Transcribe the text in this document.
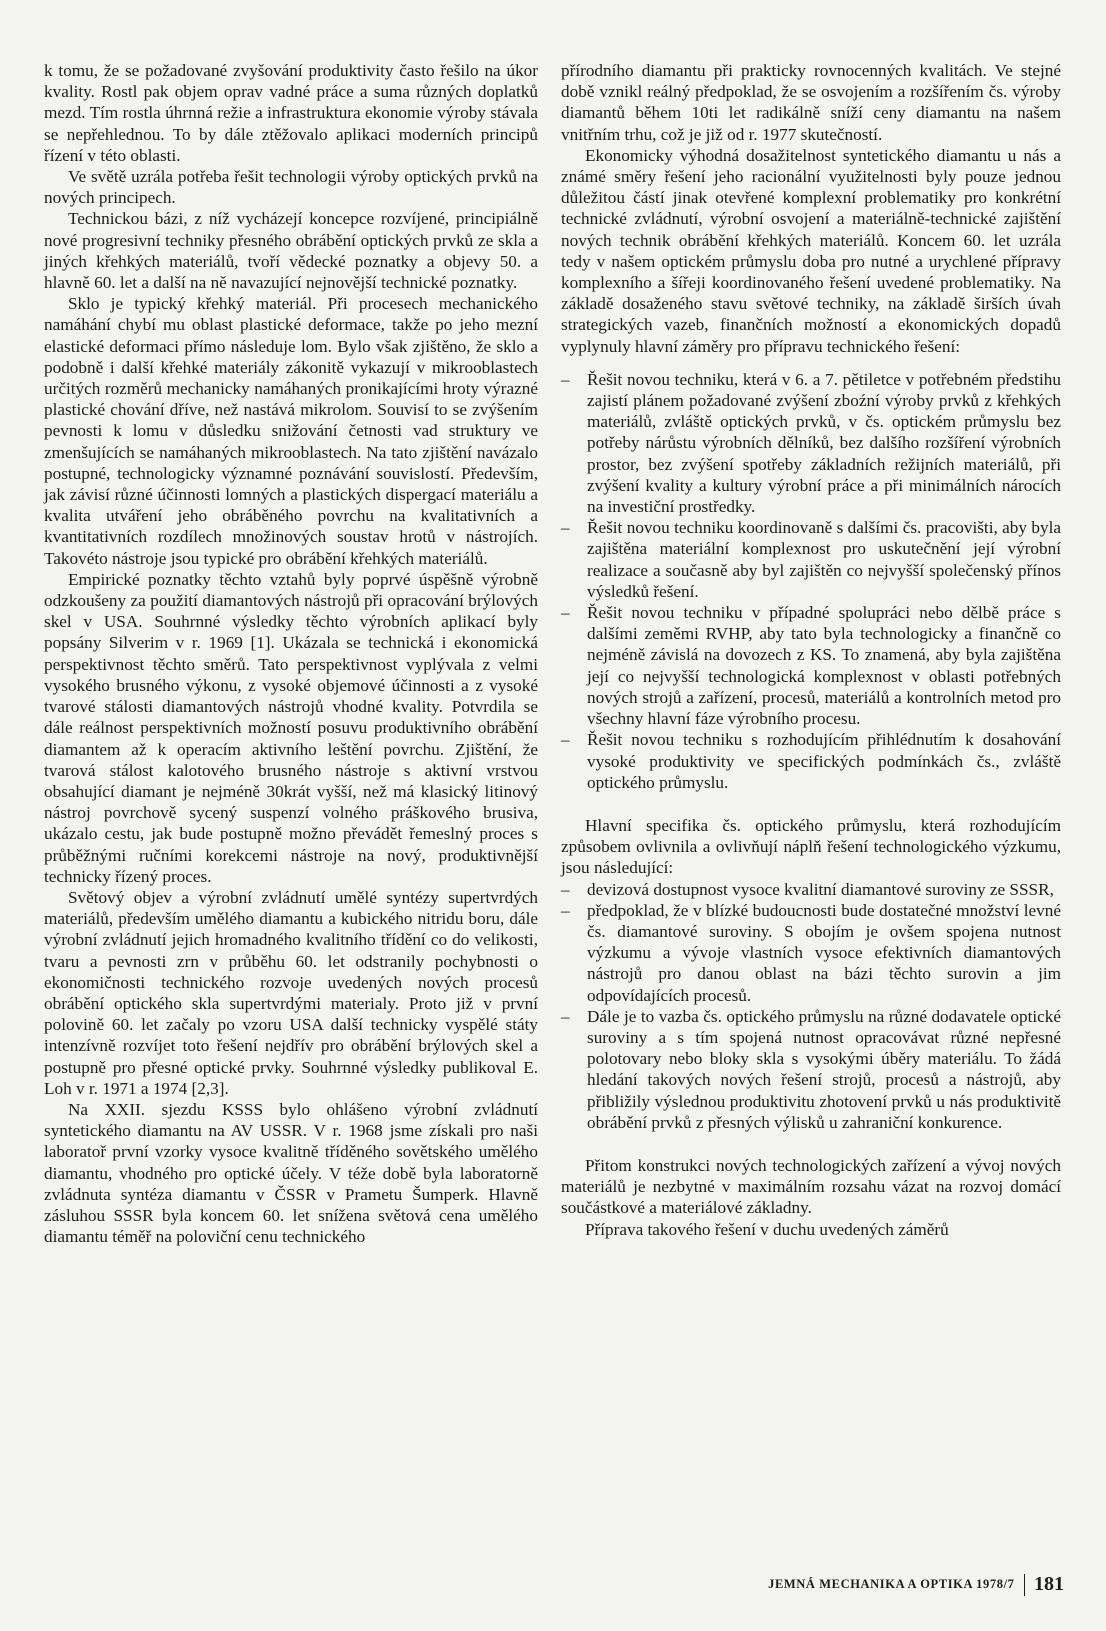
k tomu, že se požadované zvyšování produktivity často řešilo na úkor kvality. Rostl pak objem oprav vadné práce a suma různých doplatků mezd. Tím rostla úhrnná režie a infrastruktura ekonomie výroby stávala se nepřehlednou. To by dále ztěžovalo aplikaci moderních principů řízení v této oblasti.

Ve světě uzrála potřeba řešit technologii výroby optických prvků na nových principech.

Technickou bázi, z níž vycházejí koncepce rozvíjené, principiálně nové progresivní techniky přesného obrábění optických prvků ze skla a jiných křehkých materiálů, tvoří vědecké poznatky a objevy 50. a hlavně 60. let a další na ně navazující nejnovější technické poznatky.

Sklo je typický křehký materiál. Při procesech mechanického namáhání chybí mu oblast plastické deformace, takže po jeho mezní elastické deformaci přímo následuje lom. Bylo však zjištěno, že sklo a podobně i další křehké materiály zákonitě vykazují v mikrooblastech určitých rozměrů mechanicky namáhaných pronikajícími hroty výrazné plastické chování dříve, než nastává mikrolom. Souvisí to se zvýšením pevnosti k lomu v důsledku snižování četnosti vad struktury ve zmenšujících se namáhaných mikrooblastech. Na tato zjištění navázalo postupné, technologicky významné poznávání souvislostí. Především, jak závisí různé účinnosti lomných a plastických dispergací materiálu a kvalita utváření jeho obráběného povrchu na kvalitativních a kvantitativních rozdílech množinových soustav hrotů v nástrojích. Takovéto nástroje jsou typické pro obrábění křehkých materiálů.

Empirické poznatky těchto vztahů byly poprvé úspěšně výrobně odzkoušeny za použití diamantových nástrojů při opracování brýlových skel v USA. Souhrnné výsledky těchto výrobních aplikací byly popsány Silverim v r. 1969 [1]. Ukázala se technická i ekonomická perspektivnost těchto směrů. Tato perspektivnost vyplývala z velmi vysokého brusného výkonu, z vysoké objemové účinnosti a z vysoké tvarové stálosti diamantových nástrojů vhodné kvality. Potvrdila se dále reálnost perspektivních možností posuvu produktivního obrábění diamantem až k operacím aktivního leštění povrchu. Zjištění, že tvarová stálost kalotového brusného nástroje s aktivní vrstvou obsahující diamant je nejméně 30krát vyšší, než má klasický litinový nástroj povrchově sycený suspenzí volného práškového brusiva, ukázalo cestu, jak bude postupně možno převádět řemeslný proces s průběžnými ručními korekcemi nástroje na nový, produktivnější technicky řízený proces.

Světový objev a výrobní zvládnutí umělé syntézy supertvrdých materiálů, především umělého diamantu a kubického nitridu boru, dále výrobní zvládnutí jejich hromadného kvalitního třídění co do velikosti, tvaru a pevnosti zrn v průběhu 60. let odstranily pochybnosti o ekonomičnosti technického rozvoje uvedených nových procesů obrábění optického skla supertvrdými materialy. Proto již v první polovině 60. let začaly po vzoru USA další technicky vyspělé státy intenzívně rozvíjet toto řešení nejdřív pro obrábění brýlových skel a postupně pro přesné optické prvky. Souhrnné výsledky publikoval E. Loh v r. 1971 a 1974 [2,3].

Na XXII. sjezdu KSSS bylo ohlášeno výrobní zvládnutí syntetického diamantu na AV USSR. V r. 1968 jsme získali pro naši laboratoř první vzorky vysoce kvalitně tříděného sovětského umělého diamantu, vhodného pro optické účely. V téže době byla laboratorně zvládnuta syntéza diamantu v ČSSR v Prametu Šumperk. Hlavně zásluhou SSSR byla koncem 60. let snížena světová cena umělého diamantu téměř na poloviční cenu technického

přírodního diamantu při prakticky rovnocenných kvalitách. Ve stejné době vznikl reálný předpoklad, že se osvojením a rozšířením čs. výroby diamantů během 10ti let radikálně sníží ceny diamantu na našem vnitřním trhu, což je již od r. 1977 skutečností.

Ekonomicky výhodná dosažitelnost syntetického diamantu u nás a známé směry řešení jeho racionální využitelnosti byly pouze jednou důležitou částí jinak otevřené komplexní problematiky pro konkrétní technické zvládnutí, výrobní osvojení a materiálně-technické zajištění nových technik obrábění křehkých materiálů. Koncem 60. let uzrála tedy v našem optickém průmyslu doba pro nutné a urychlené přípravy komplexního a šířeji koordinovaného řešení uvedené problematiky. Na základě dosaženého stavu světové techniky, na základě širších úvah strategických vazeb, finančních možností a ekonomických dopadů vyplynuly hlavní záměry pro přípravu technického řešení:

– Řešit novou techniku, která v 6. a 7. pětiletce v potřebném předstihu zajistí plánem požadované zvýšení zboźní výroby prvků z křehkých materiálů, zvláště optických prvků, v čs. optickém průmyslu bez potřeby nárůstu výrobních dělníků, bez dalšího rozšíření výrobních prostor, bez zvýšení spotřeby základních režijních materiálů, při zvýšení kvality a kultury výrobní práce a při minimálních nárocích na investiční prostředky.

– Řešit novou techniku koordinovaně s dalšími čs. pracovišti, aby byla zajištěna materiální komplexnost pro uskutečnění její výrobní realizace a současně aby byl zajištěn co nejvyšší společenský přínos výsledků řešení.

– Řešit novou techniku v případné spolupráci nebo dělbě práce s dalšími zeměmi RVHP, aby tato byla technologicky a finančně co nejméně závislá na dovozech z KS. To znamená, aby byla zajištěna její co nejvyšší technologická komplexnost v oblasti potřebných nových strojů a zařízení, procesů, materiálů a kontrolních metod pro všechny hlavní fáze výrobního procesu.

– Řešit novou techniku s rozhodujícím přihlédnutím k dosahování vysoké produktivity ve specifických podmínkách čs., zvláště optického průmyslu.

Hlavní specifika čs. optického průmyslu, která rozhodujícím způsobem ovlivnila a ovlivňují náplň řešení technologického výzkumu, jsou následující:

– devizová dostupnost vysoce kvalitní diamantové suroviny ze SSSR,

– předpoklad, že v blízké budoucnosti bude dostatečné množství levné čs. diamantové suroviny. S obojím je ovšem spojena nutnost výzkumu a vývoje vlastních vysoce efektivních diamantových nástrojů pro danou oblast na bázi těchto surovin a jim odpovídajících procesů.

– Dále je to vazba čs. optického průmyslu na různé dodavatele optické suroviny a s tím spojená nutnost opracovávat různé nepřesné polotovary nebo bloky skla s vysokými úběry materiálu. To žádá hledání takových nových řešení strojů, procesů a nástrojů, aby přibližily výslednou produktivitu zhotovení prvků u nás produktivitě obrábění prvků z přesných výlisků u zahraniční konkurence.

Přitom konstrukci nových technologických zařízení a vývoj nových materiálů je nezbytné v maximálním rozsahu vázat na rozvoj domácí součástkové a materiálové základny.

Příprava takového řešení v duchu uvedených záměrů

JEMNÁ MECHANIKA A OPTIKA 1978/7 181
